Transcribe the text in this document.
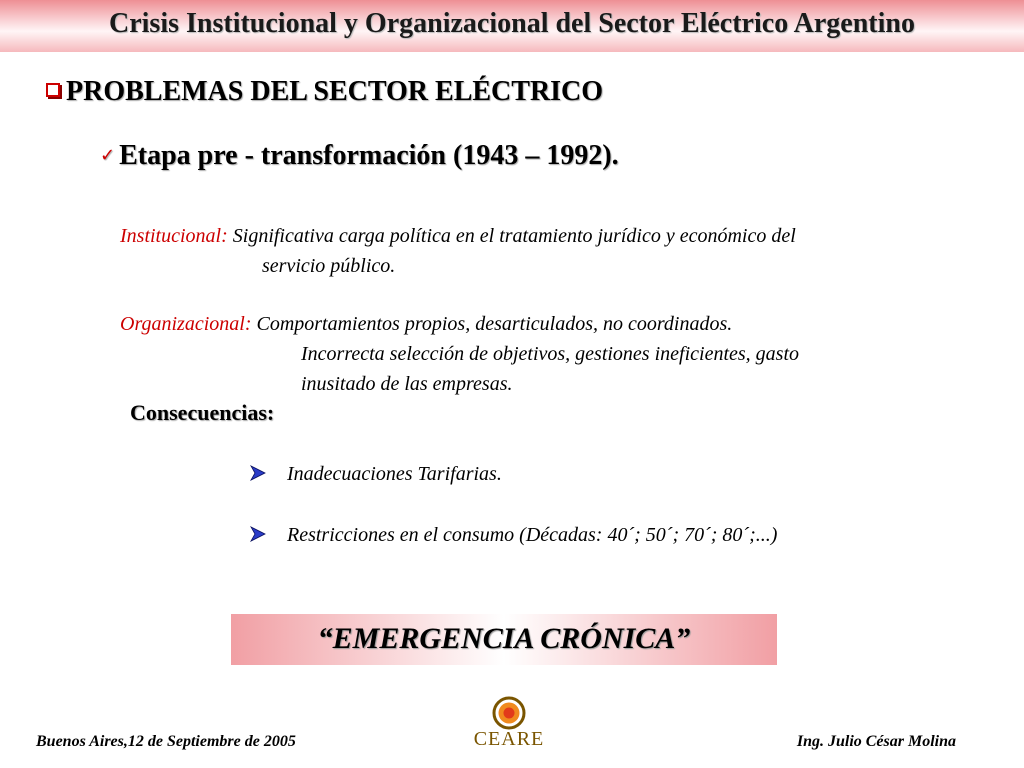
Crisis Institucional y Organizacional del Sector Eléctrico Argentino
PROBLEMAS DEL SECTOR ELÉCTRICO
✓ Etapa pre - transformación (1943 – 1992).
Institucional: Significativa carga política en el tratamiento jurídico y económico del
servicio público.
Organizacional: Comportamientos propios, desarticulados, no coordinados.
Incorrecta selección de objetivos, gestiones ineficientes, gasto
inusitado de las empresas.
Consecuencias:
Inadecuaciones Tarifarias.
Restricciones en el consumo (Décadas: 40´; 50´; 70´; 80´;...)
“EMERGENCIA CRÓNICA”
Buenos Aires,12 de Septiembre de 2005	CEARE	Ing. Julio César Molina
